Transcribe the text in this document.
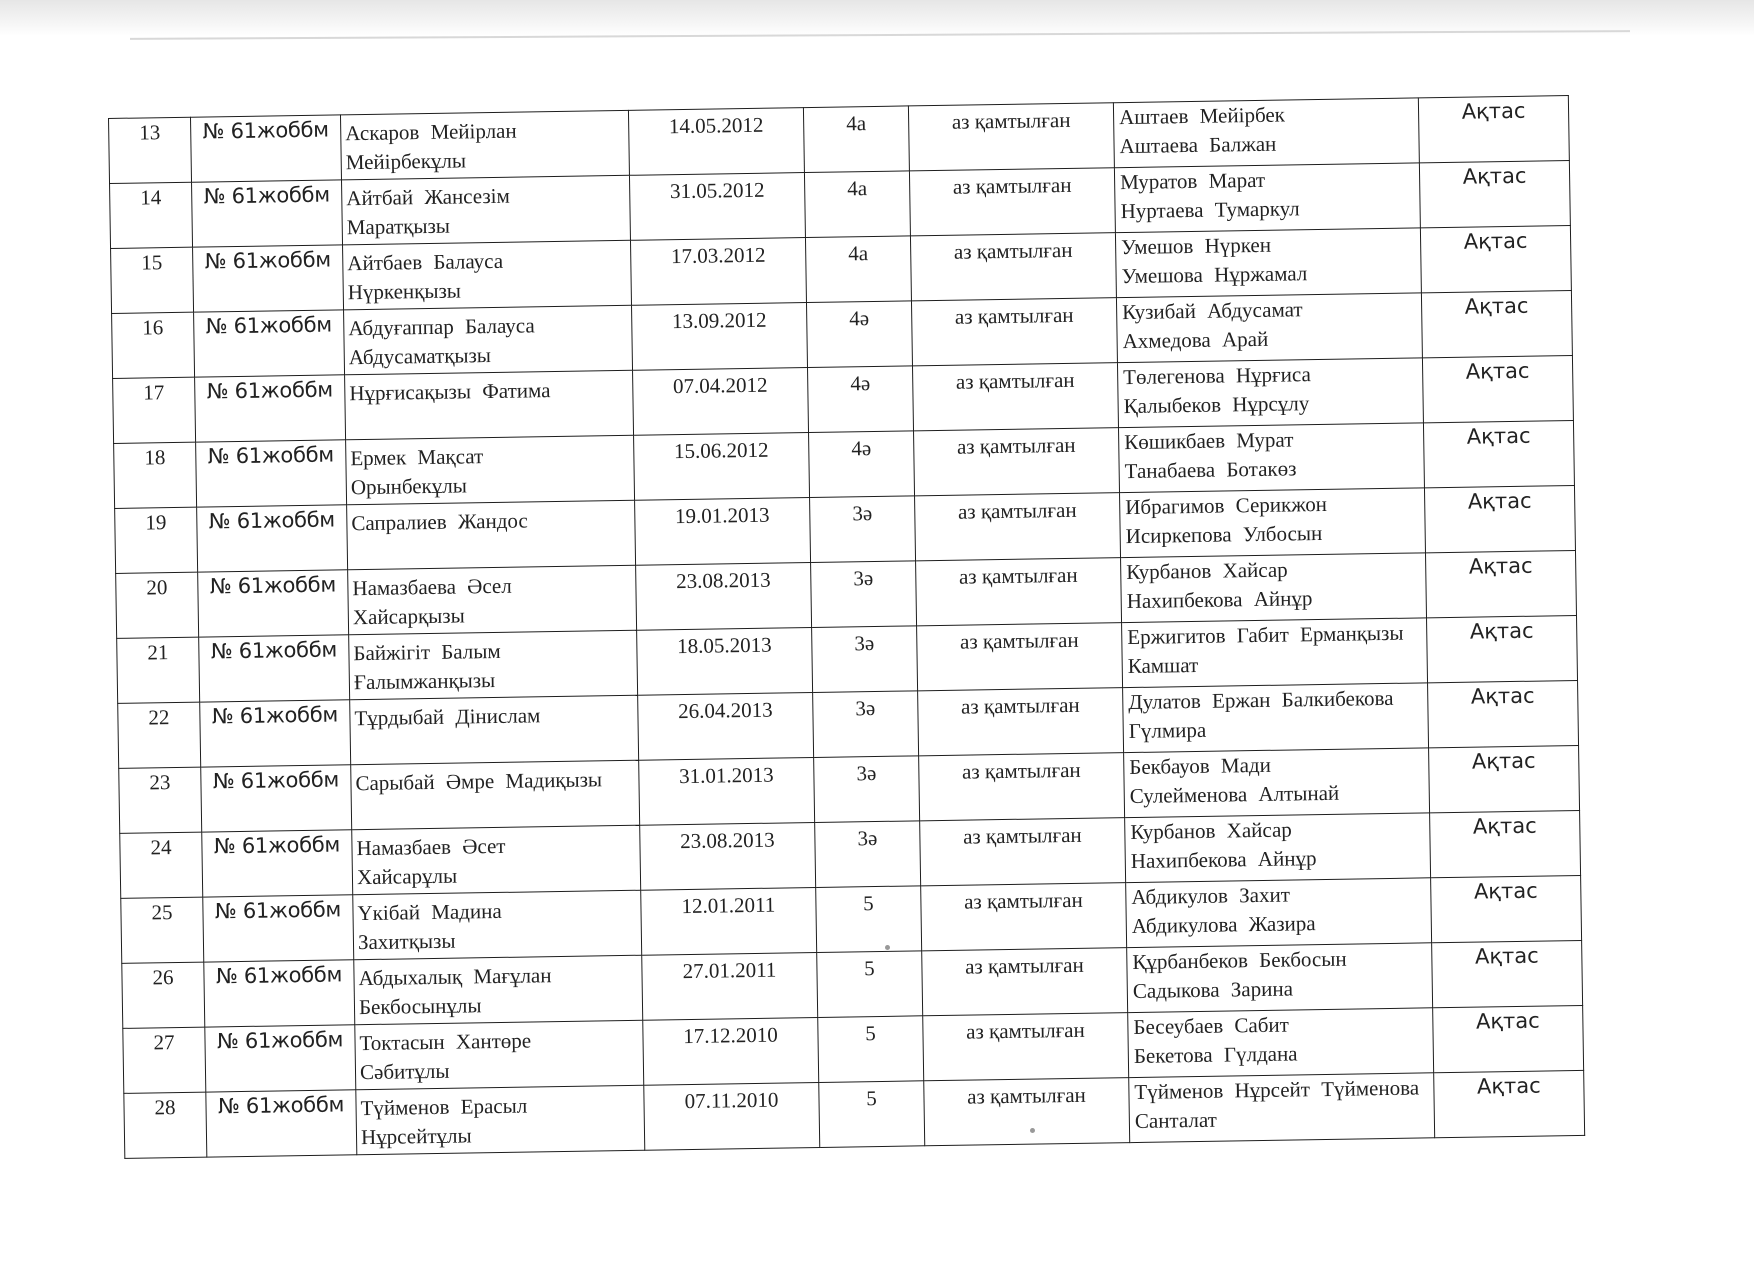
13	№ 61жоббм	Аскаров Мейірлан
Мейірбекұлы	14.05.2012	4а	аз қамтылған	Аштаев Мейірбек
Аштаева Балжан	Ақтас

14	№ 61жоббм	Айтбай Жансезім
Маратқызы	31.05.2012	4а	аз қамтылған	Муратов Марат
Нуртаева Тумаркул	Ақтас

15	№ 61жоббм	Айтбаев Балауса
Нүркенқызы	17.03.2012	4а	аз қамтылған	Умешов Нүркен
Умешова Нұржамал	Ақтас

16	№ 61жоббм	Абдуғаппар Балауса
Абдусаматқызы	13.09.2012	4ә	аз қамтылған	Кузибай Абдусамат
Ахмедова Арай	Ақтас

17	№ 61жоббм	Нұрғисақызы Фатима	07.04.2012	4ә	аз қамтылған	Төлегенова Нұрғиса
Қалыбеков Нұрсұлу	Ақтас

18	№ 61жоббм	Ермек Мақсат
Орынбекұлы	15.06.2012	4ә	аз қамтылған	Көшикбаев Мурат
Танабаева Ботакөз	Ақтас

19	№ 61жоббм	Сапралиев Жандос	19.01.2013	3ә	аз қамтылған	Ибрагимов Серикжон
Исиркепова Улбосын	Ақтас

20	№ 61жоббм	Намазбаева Әсел
Хайсарқызы	23.08.2013	3ә	аз қамтылған	Курбанов Хайсар
Нахипбекова Айнұр	Ақтас

21	№ 61жоббм	Байжігіт Балым
Ғалымжанқызы	18.05.2013	3ә	аз қамтылған	Ержигитов Габит Ерманқызы
Камшат	Ақтас

22	№ 61жоббм	Тұрдыбай Дінислам	26.04.2013	3ә	аз қамтылған	Дулатов Ержан Балкибекова
Гүлмира	Ақтас

23	№ 61жоббм	Сарыбай Әмре Мадиқызы	31.01.2013	3ә	аз қамтылған	Бекбауов Мади
Сулейменова Алтынай	Ақтас

24	№ 61жоббм	Намазбаев Әсет
Хайсарұлы	23.08.2013	3ә	аз қамтылған	Курбанов Хайсар
Нахипбекова Айнұр	Ақтас

25	№ 61жоббм	Үкібай Мадина
Захитқызы	12.01.2011	5	аз қамтылған	Абдикулов Захит
Абдикулова Жазира	Ақтас

26	№ 61жоббм	Абдыхалық Мағұлан
Бекбосынұлы	27.01.2011	5	аз қамтылған	Құрбанбеков Бекбосын
Садыкова Зарина	Ақтас

27	№ 61жоббм	Токтасын Хантөре
Сәбитұлы	17.12.2010	5	аз қамтылған	Бесеубаев Сабит
Бекетова Гүлдана	Ақтас

28	№ 61жоббм	Түйменов Ерасыл
Нұрсейтұлы	07.11.2010	5	аз қамтылған	Түйменов Нұрсейт Түйменова
Санталат	Ақтас
